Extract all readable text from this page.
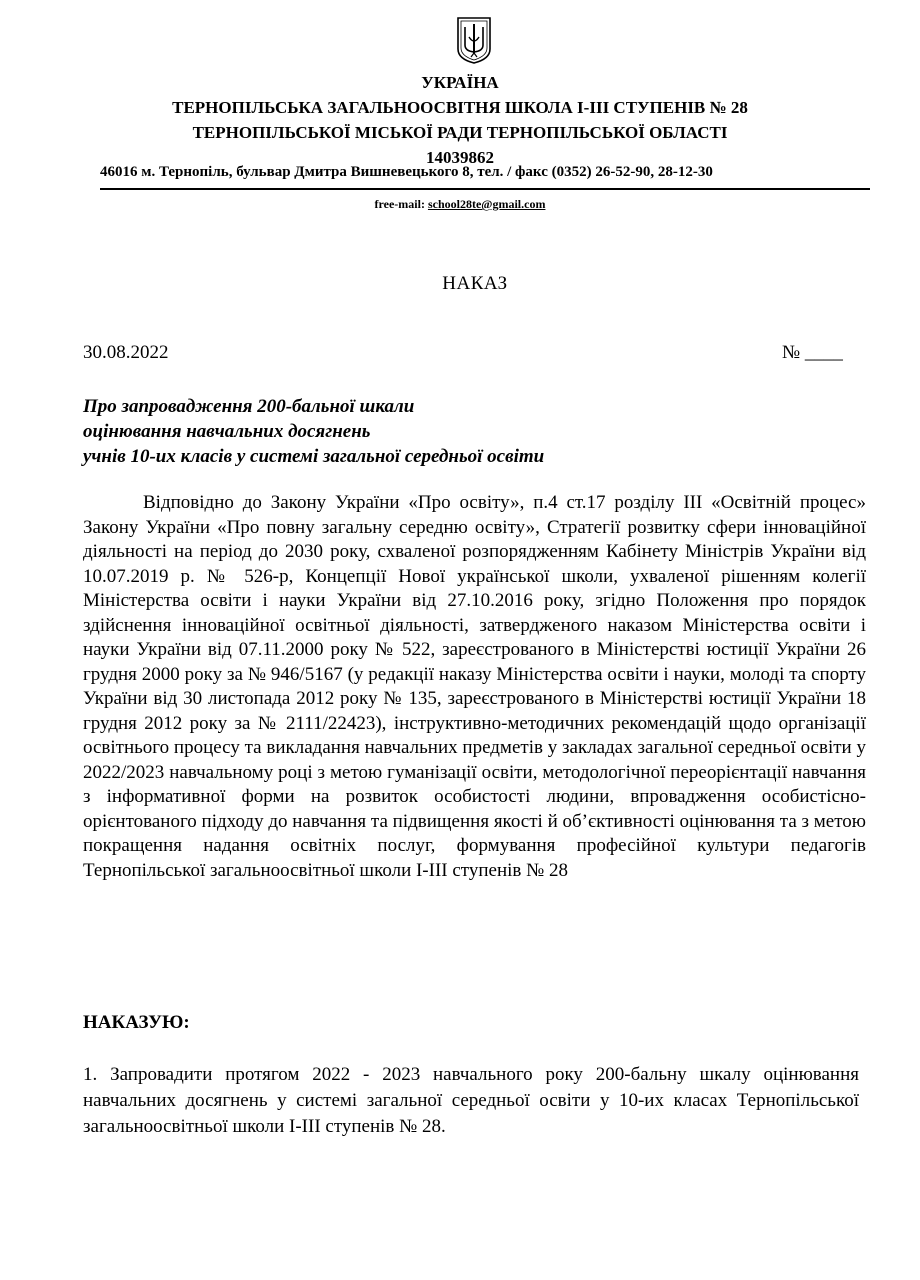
УКРАЇНА
ТЕРНОПІЛЬСЬКА ЗАГАЛЬНООСВІТНЯ ШКОЛА І-ІІІ СТУПЕНІВ № 28
ТЕРНОПІЛЬСЬКОЇ МІСЬКОЇ РАДИ ТЕРНОПІЛЬСЬКОЇ ОБЛАСТІ
14039862
46016 м. Тернопіль, бульвар Дмитра Вишневецького 8, тел. / факс (0352) 26-52-90, 28-12-30
free-mail: school28te@gmail.com
НАКАЗ
30.08.2022	№ ____
Про запровадження 200-бальної шкали
оцінювання навчальних досягнень
учнів 10-их класів у системі загальної середньої освіти
Відповідно до Закону України «Про освіту», п.4 ст.17 розділу ІІІ «Освітній процес» Закону України «Про повну загальну середню освіту», Стратегії розвитку сфери інноваційної діяльності на період до 2030 року, схваленої розпорядженням Кабінету Міністрів України від 10.07.2019 р. № 526-р, Концепції Нової української школи, ухваленої рішенням колегії Міністерства освіти і науки України від 27.10.2016 року, згідно Положення про порядок здійснення інноваційної освітньої діяльності, затвердженого наказом Міністерства освіти і науки України від 07.11.2000 року № 522, зареєстрованого в Міністерстві юстиції України 26 грудня 2000 року за № 946/5167 (у редакції наказу Міністерства освіти і науки, молоді та спорту України від 30 листопада 2012 року № 135, зареєстрованого в Міністерстві юстиції України 18 грудня 2012 року за № 2111/22423), інструктивно-методичних рекомендацій щодо організації освітнього процесу та викладання навчальних предметів у закладах загальної середньої освіти у 2022/2023 навчальному році з метою гуманізації освіти, методологічної переорієнтації навчання з інформативної форми на розвиток особистості людини, впровадження особистісно-орієнтованого підходу до навчання та підвищення якості й об’єктивності оцінювання та з метою покращення надання освітніх послуг, формування професійної культури педагогів Тернопільської загальноосвітньої школи І-ІІІ ступенів № 28
НАКАЗУЮ:
1. Запровадити протягом 2022 - 2023 навчального року 200-бальну шкалу оцінювання навчальних досягнень у системі загальної середньої освіти у 10-их класах Тернопільської загальноосвітньої школи І-ІІІ ступенів № 28.
